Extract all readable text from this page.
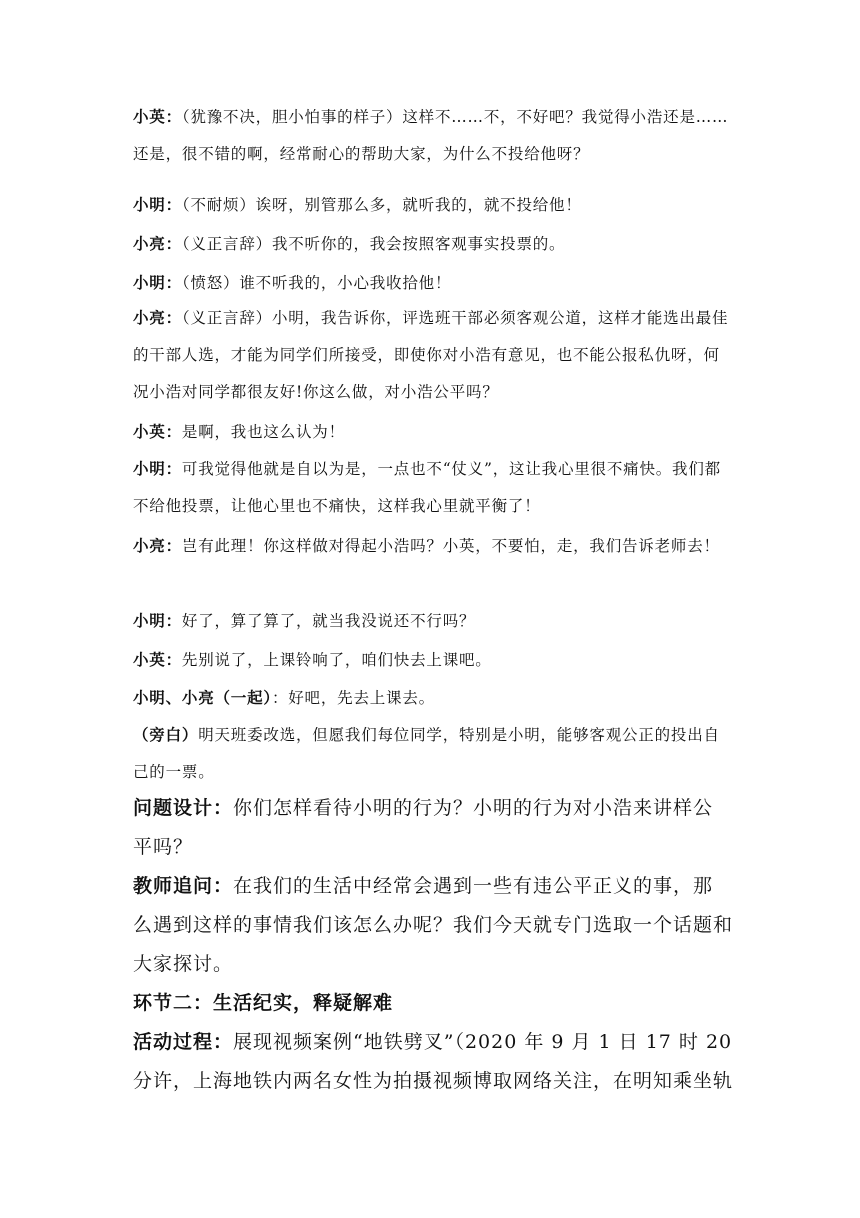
小英：（犹豫不决，胆小怕事的样子）这样不……不，不好吧？我觉得小浩还是……还是，很不错的啊，经常耐心的帮助大家，为什么不投给他呀？

小明：（不耐烦）诶呀，别管那么多，就听我的，就不投给他！

小亮：（义正言辞）我不听你的，我会按照客观事实投票的。

小明：（愤怒）谁不听我的，小心我收拾他！

小亮：（义正言辞）小明，我告诉你，评选班干部必须客观公道，这样才能选出最佳的干部人选，才能为同学们所接受，即使你对小浩有意见，也不能公报私仇呀，何况小浩对同学都很友好!你这么做，对小浩公平吗？

小英：是啊，我也这么认为！

小明：可我觉得他就是自以为是，一点也不“仗义”，这让我心里很不痛快。我们都不给他投票，让他心里也不痛快，这样我心里就平衡了！

小亮：岂有此理！你这样做对得起小浩吗？小英，不要怕，走，我们告诉老师去！

小明：好了，算了算了，就当我没说还不行吗？

小英：先别说了，上课铃响了，咱们快去上课吧。

小明、小亮（一起）：好吧，先去上课去。

（旁白）明天班委改选，但愿我们每位同学，特别是小明，能够客观公正的投出自己的一票。

问题设计：你们怎样看待小明的行为？小明的行为对小浩来讲样公平吗？

教师追问：在我们的生活中经常会遇到一些有违公平正义的事，那么遇到这样的事情我们该怎么办呢？我们今天就专门选取一个话题和大家探讨。

环节二：生活纪实，释疑解难

活动过程：展现视频案例“地铁劈叉”（2020 年 9 月 1 日 17 时 20 分许，上海地铁内两名女性为拍摄视频博取网络关注，在明知乘坐轨
